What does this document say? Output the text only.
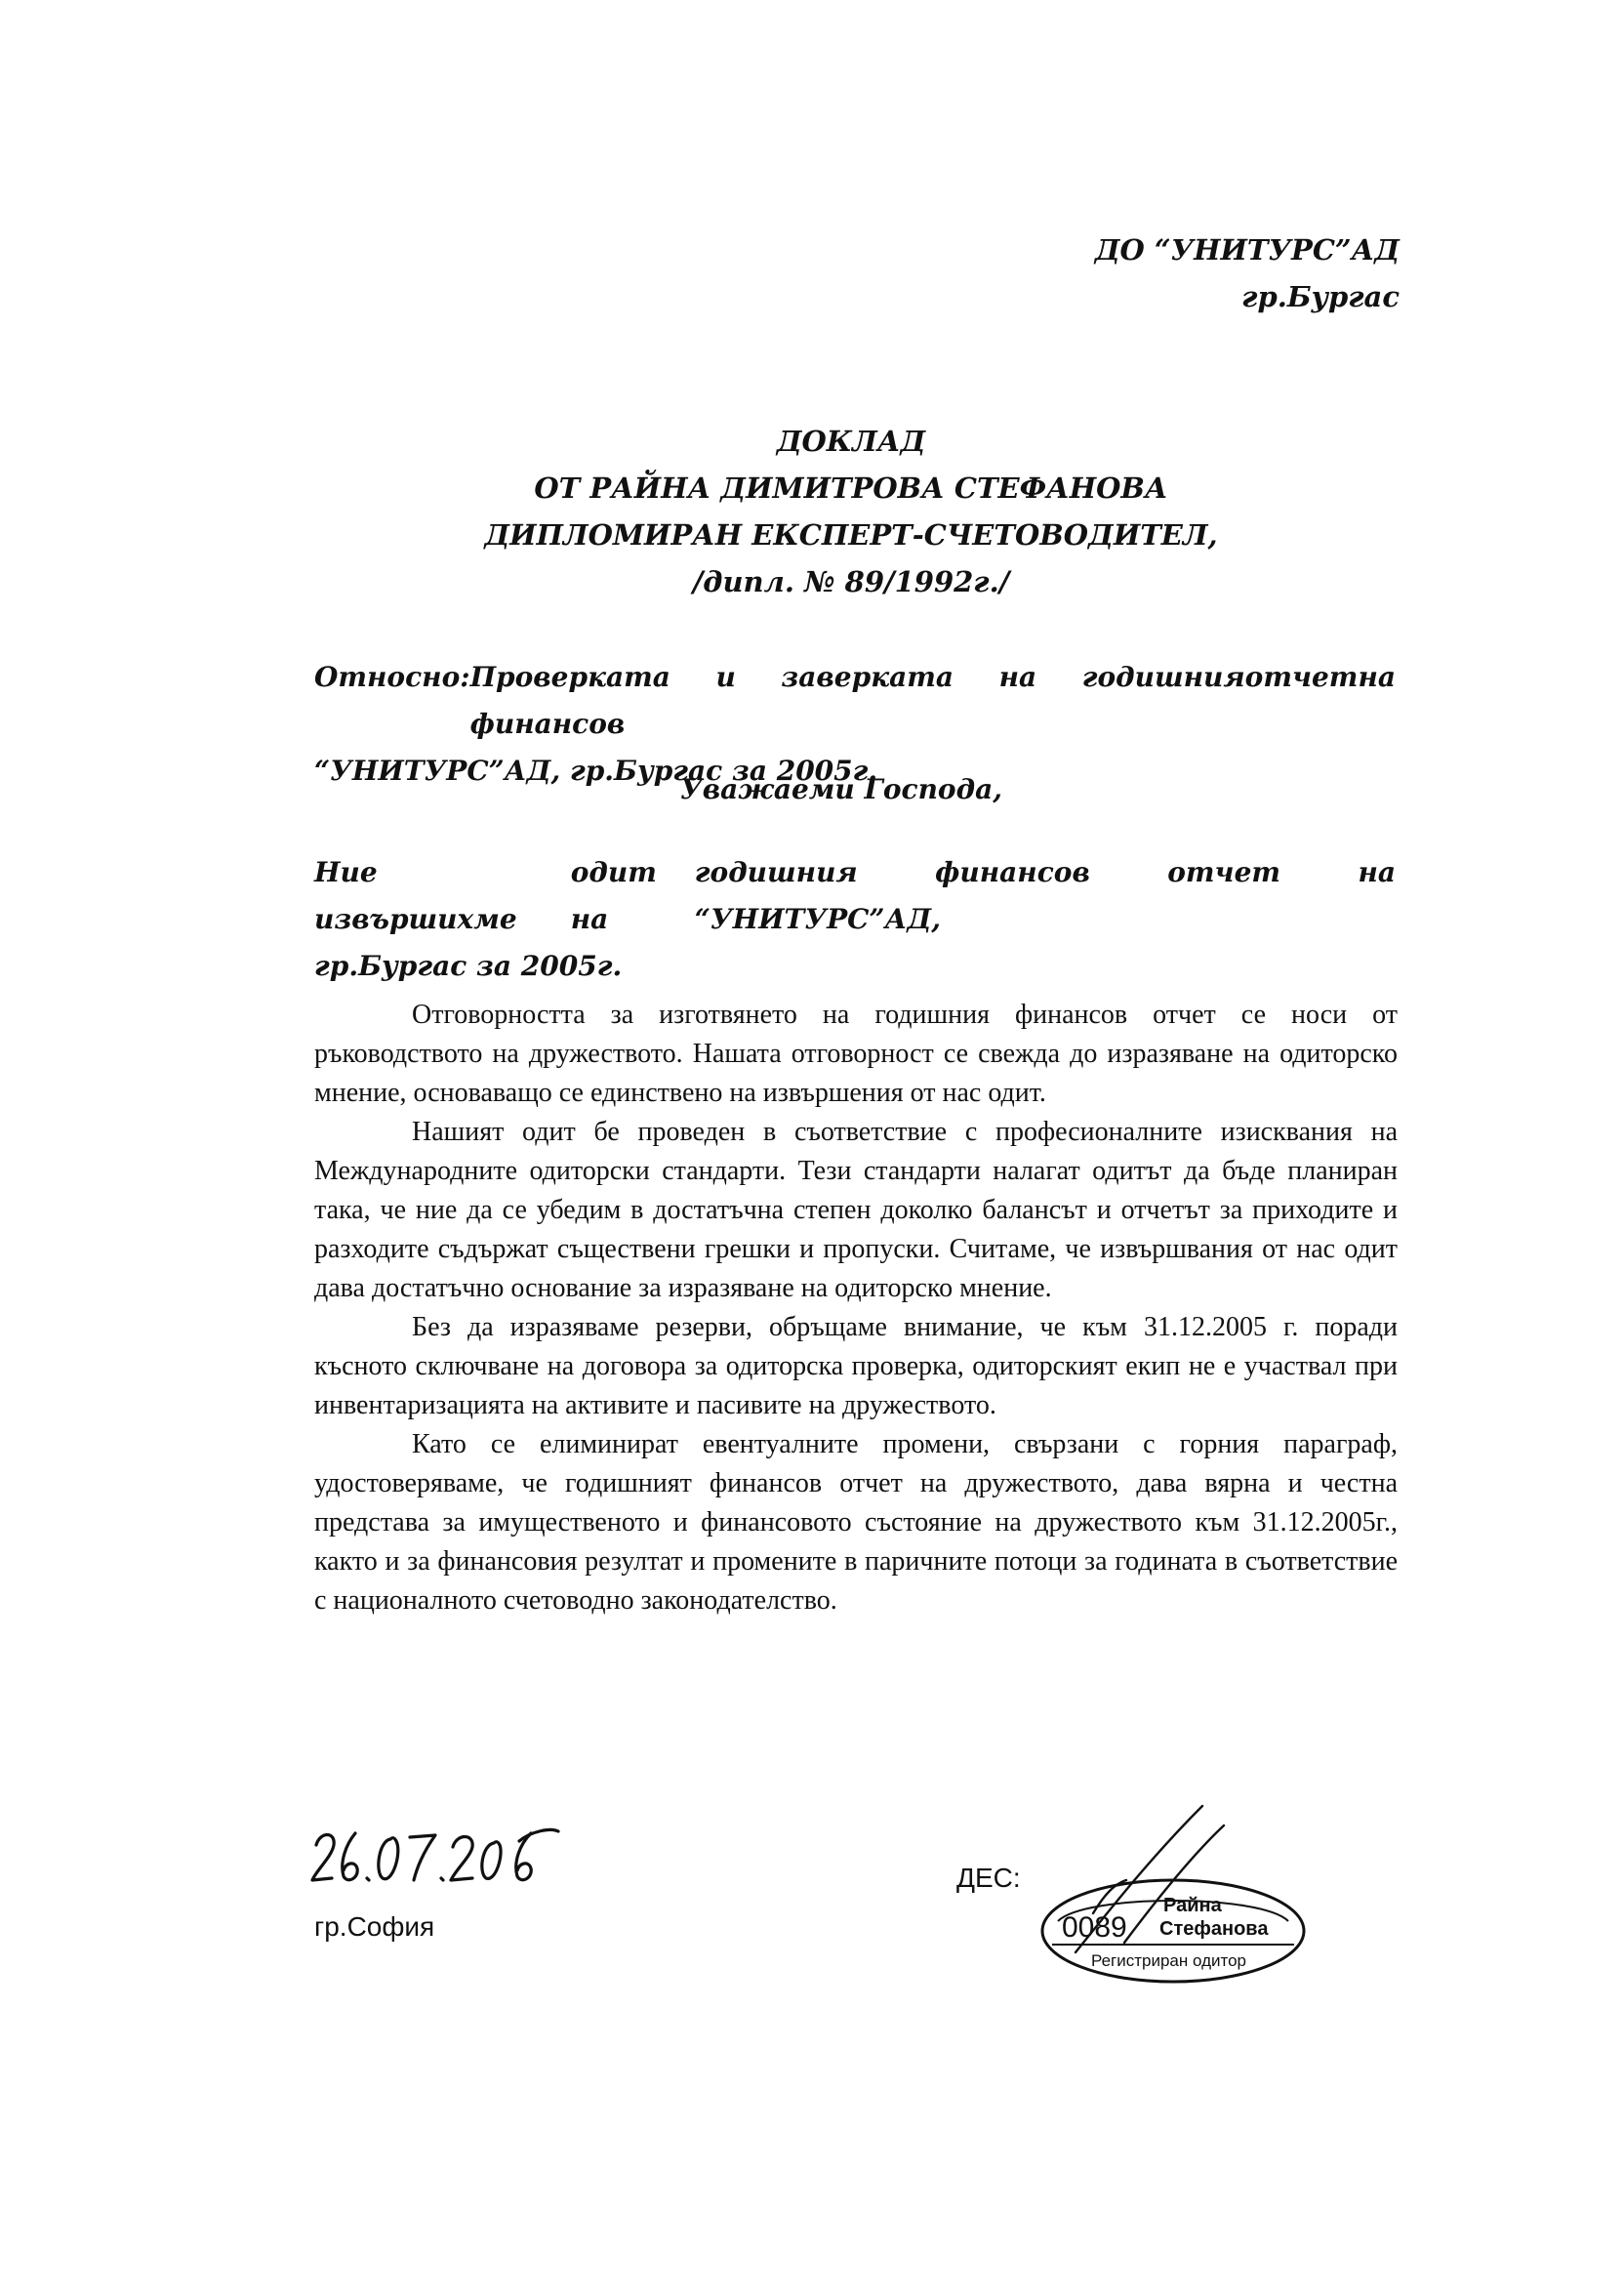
ДО “УНИТУРС”АД
гр.Бургас
ДОКЛАД
ОТ РАЙНА ДИМИТРОВА СТЕФАНОВА
ДИПЛОМИРАН ЕКСПЕРТ-СЧЕТОВОДИТЕЛ,
/дипл. № 89/1992г./
Относно: Проверката и заверката на годишния финансов
отчет на
“УНИТУРС”АД, гр.Бургас за 2005г.
Уважаеми Господа,
Ние извършихме
одит на
годишния финансов отчет на “УНИТУРС”АД,
гр.Бургас за 2005г.

Отговорността за изготвянето на годишния финансов отчет се носи от ръководството на дружеството. Нашата отговорност се свежда до изразяване на одиторско мнение, основаващо се единствено на извършения от нас одит.

Нашият одит бе проведен в съответствие с професионалните изисквания на Международните одиторски стандарти. Тези стандарти налагат одитът да бъде планиран така, че ние да се убедим в достатъчна степен доколко балансът и отчетът за приходите и разходите съдържат съществени грешки и пропуски. Считаме, че извършвания от нас одит дава достатъчно основание за изразяване на одиторско мнение.

Без да изразяваме резерви, обръщаме внимание, че към 31.12.2005 г. поради късното сключване на договора за одиторска проверка, одиторският екип не е участвал при инвентаризацията на активите и пасивите на дружеството.

Като се елиминират евентуалните промени, свързани с горния параграф, удостоверяваме, че годишният финансов отчет на дружеството, дава вярна и честна представа за имущественото и финансовото състояние на дружеството към 31.12.2005г., както и за финансовия резултат и промените в паричните потоци за годината в съответствие с националното счетоводно законодателство.

гр.София
ДЕС:
0089
Райна
Стефанова
Регистриран одитор
